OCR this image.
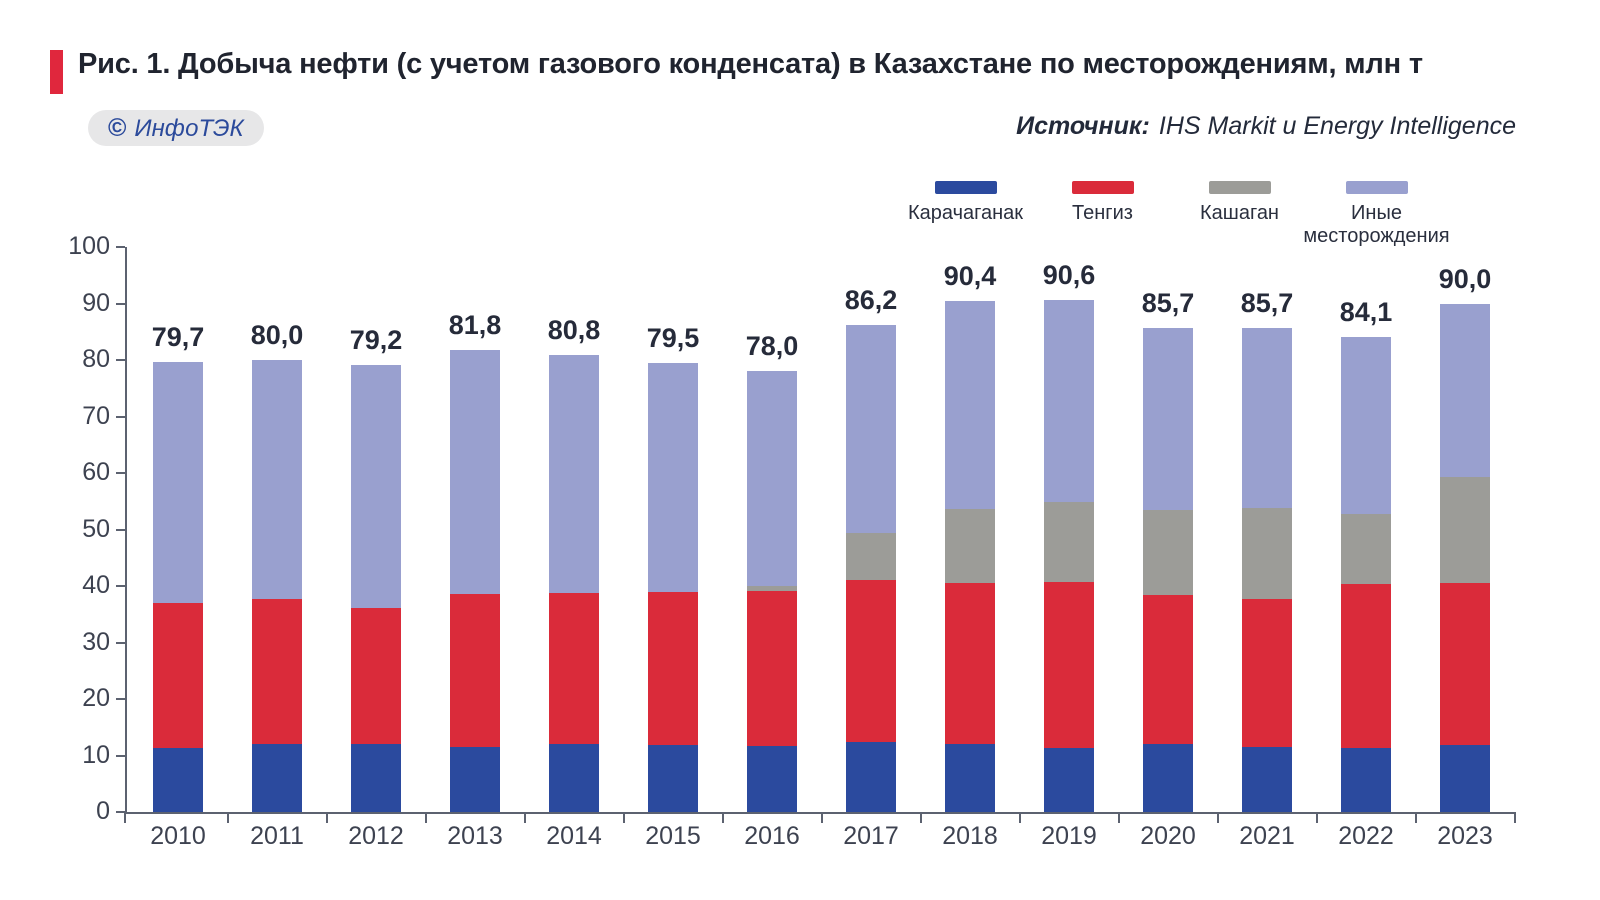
Рис. 1. Добыча нефти (с учетом газового конденсата) в Казахстане по месторождениям, млн т
© ИнфоТЭК	Источник: IHS Markit и Energy Intelligence
Карачаганак Тенгиз	Кашаган	Иные месторождения
0
10
20
30
40
50
60
70
80
90
100
79,7
2010
80,0
2011
79,2
2012
81,8
2013
80,8
2014
79,5
2015
78,0
2016
86,2
2017
90,4
2018
90,6
2019
85,7
2020
85,7
2021
84,1
2022
90,0
2023
